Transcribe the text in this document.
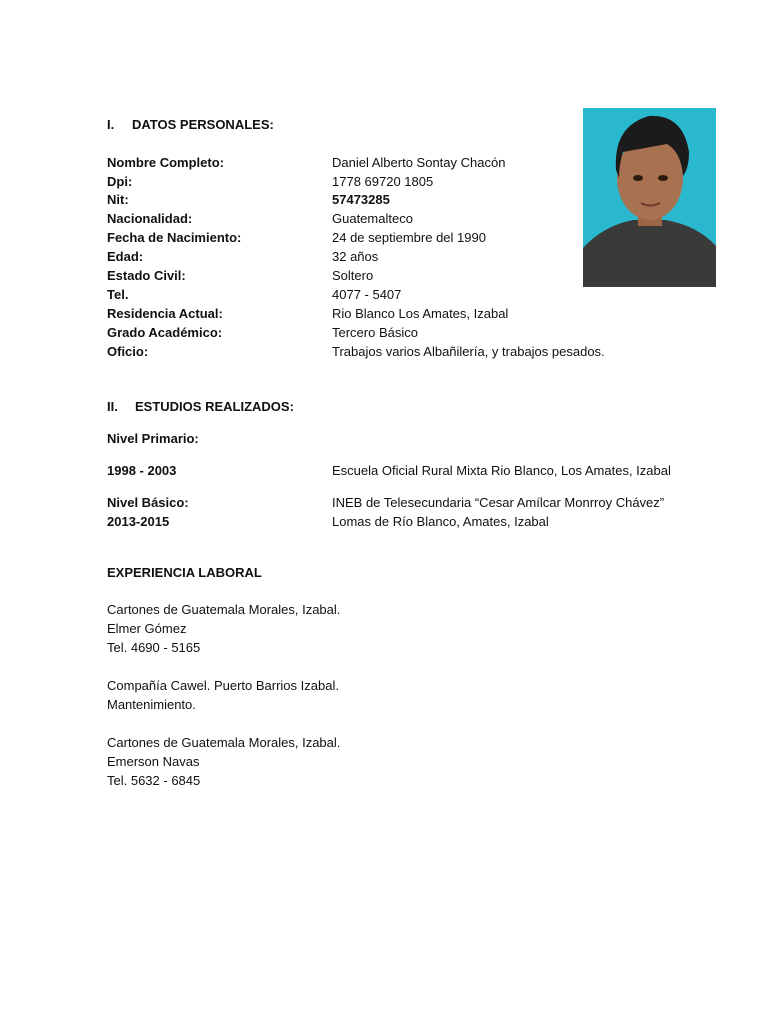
I. DATOS PERSONALES:
Nombre Completo:	Daniel Alberto Sontay Chacón
Dpi:	1778 69720 1805
Nit:	57473285
Nacionalidad:	Guatemalteco
Fecha de Nacimiento:	24 de septiembre del 1990
Edad:	32 años
Estado Civil:	Soltero
Tel.	4077 - 5407
Residencia Actual:	Rio Blanco Los Amates, Izabal
Grado Académico:	Tercero Básico
Oficio:	Trabajos varios Albañilería, y trabajos pesados.
II. ESTUDIOS REALIZADOS:
Nivel Primario:
1998 - 2003	Escuela Oficial Rural Mixta Rio Blanco, Los Amates, Izabal
Nivel Básico:	INEB de Telesecundaria “Cesar Amílcar Monrroy Chávez”
2013-2015	Lomas de Río Blanco, Amates, Izabal
EXPERIENCIA LABORAL
Cartones de Guatemala Morales, Izabal.
Elmer Gómez
Tel. 4690 - 5165
Compañía Cawel. Puerto Barrios Izabal.
Mantenimiento.
Cartones de Guatemala Morales, Izabal.
Emerson Navas
Tel. 5632 - 6845
